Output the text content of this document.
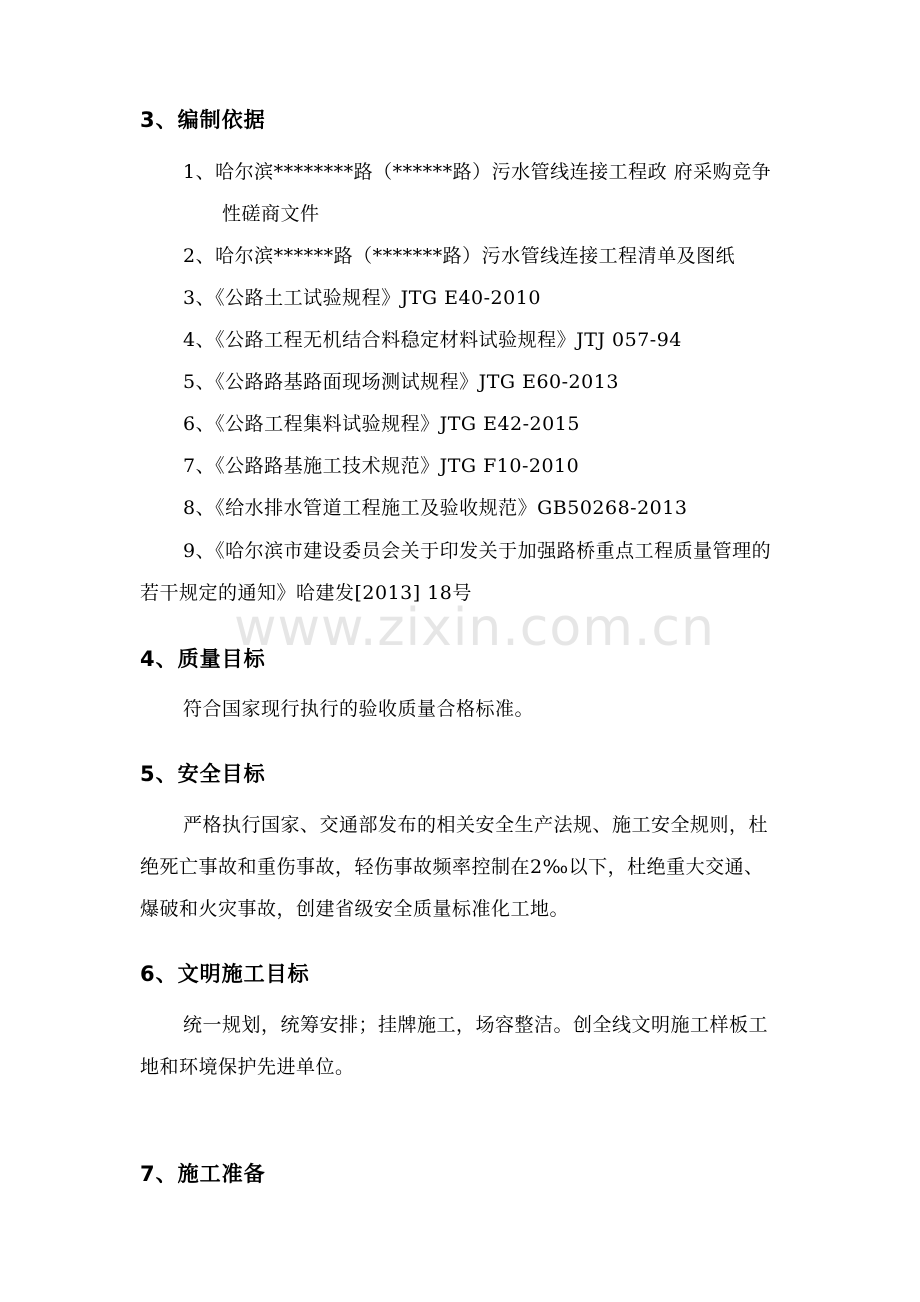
www.zixin.com.cn
3、编制依据
1、哈尔滨********路（******路）污水管线连接工程政 府采购竞争
性磋商文件
2、哈尔滨******路（*******路）污水管线连接工程清单及图纸
3、《公路土工试验规程》JTG E40-2010
4、《公路工程无机结合料稳定材料试验规程》JTJ 057-94
5、《公路路基路面现场测试规程》JTG E60-2013
6、《公路工程集料试验规程》JTG E42-2015
7、《公路路基施工技术规范》JTG F10-2010
8、《给水排水管道工程施工及验收规范》GB50268-2013
9、《哈尔滨市建设委员会关于印发关于加强路桥重点工程质量管理的
若干规定的通知》哈建发[2013] 18号
4、质量目标
符合国家现行执行的验收质量合格标准。
5、安全目标
严格执行国家、交通部发布的相关安全生产法规、施工安全规则，杜
绝死亡事故和重伤事故，轻伤事故频率控制在2‰以下，杜绝重大交通、
爆破和火灾事故，创建省级安全质量标准化工地。
6、文明施工目标
统一规划，统筹安排；挂牌施工，场容整洁。创全线文明施工样板工
地和环境保护先进单位。
7、施工准备
